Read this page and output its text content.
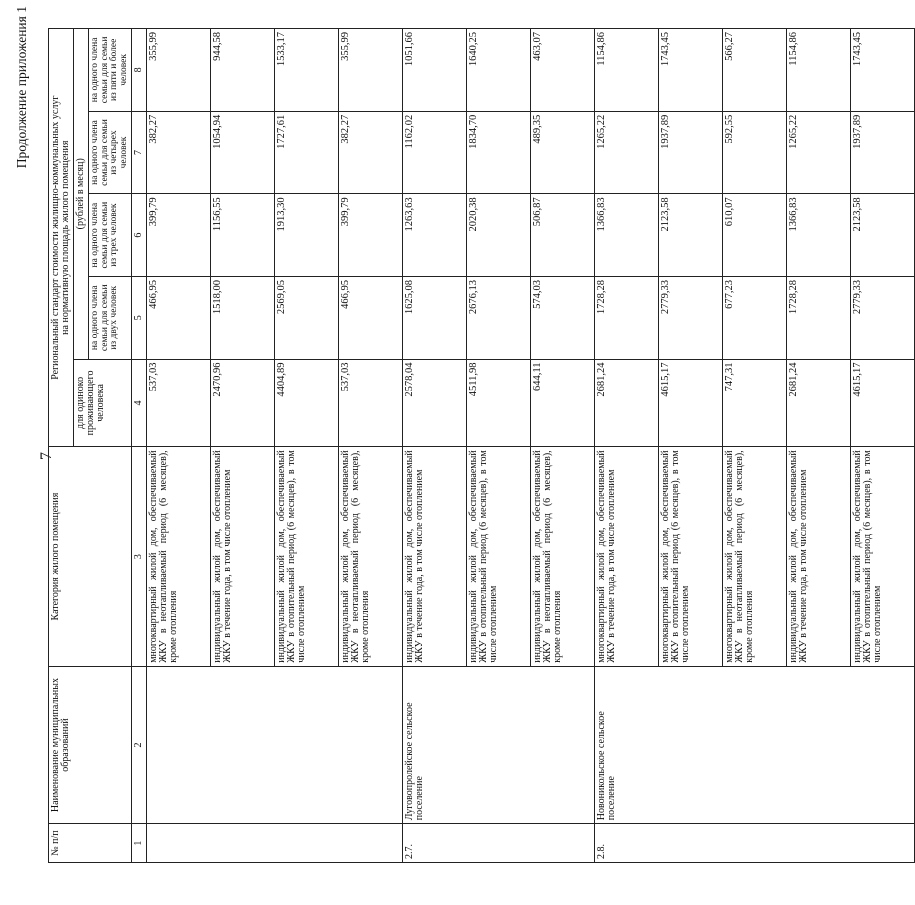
7
Продолжение приложения 1
№ п/п	Наименование муниципальных образований	Категория жилого помещения	Региональный стандарт стоимости жилищно-коммунальных услуг на нормативную площадь жилого помещения				

			для одиноко проживающего человека	(рублей в месяц)			
				на одного члена семьи для семьи из двух человек	на одного члена семьи для семьи из трех человек	на одного члена семьи для семьи из четырех человек	на одного члена семьи для семьи из пяти и более человек
1	2	3	4	5	6	7	8
		многоквартирный жилой дом, обеспечиваемый ЖКУ в неотапливаемый период (6 месяцев), кроме отопления	537,03	466,95	399,79	382,27	355,99
		индивидуальный жилой дом, обеспечиваемый ЖКУ в течение года, в том числе отоплением	2470,96	1518,00	1156,55	1054,94	944,58
		индивидуальный жилой дом, обеспечиваемый ЖКУ в отопительный период (6 месяцев), в том числе отоплением	4404,89	2569,05	1913,30	1727,61	1533,17
		индивидуальный жилой дом, обеспечиваемый ЖКУ в неотапливаемый период (6 месяцев), кроме отопления	537,03	466,95	399,79	382,27	355,99
2.7.	Луговопролейское сельское поселение	индивидуальный жилой дом, обеспечиваемый ЖКУ в течение года, в том числе отоплением	2578,04	1625,08	1263,63	1162,02	1051,66
		индивидуальный жилой дом, обеспечиваемый ЖКУ в отопительный период (6 месяцев), в том числе отоплением	4511,98	2676,13	2020,38	1834,70	1640,25
		индивидуальный жилой дом, обеспечиваемый ЖКУ в неотапливаемый период (6 месяцев), кроме отопления	644,11	574,03	506,87	489,35	463,07
2.8.	Новоникольское сельское поселение	многоквартирный жилой дом, обеспечиваемый ЖКУ в течение года, в том числе отоплением	2681,24	1728,28	1366,83	1265,22	1154,86
		многоквартирный жилой дом, обеспечиваемый ЖКУ в отопительный период (6 месяцев), в том числе отоплением	4615,17	2779,33	2123,58	1937,89	1743,45
		многоквартирный жилой дом, обеспечиваемый ЖКУ в неотапливаемый период (6 месяцев), кроме отопления	747,31	677,23	610,07	592,55	566,27
		индивидуальный жилой дом, обеспечиваемый ЖКУ в течение года, в том числе отоплением	2681,24	1728,28	1366,83	1265,22	1154,86
		индивидуальный жилой дом, обеспечиваемый ЖКУ в отопительный период (6 месяцев), в том числе отоплением	4615,17	2779,33	2123,58	1937,89	1743,45
